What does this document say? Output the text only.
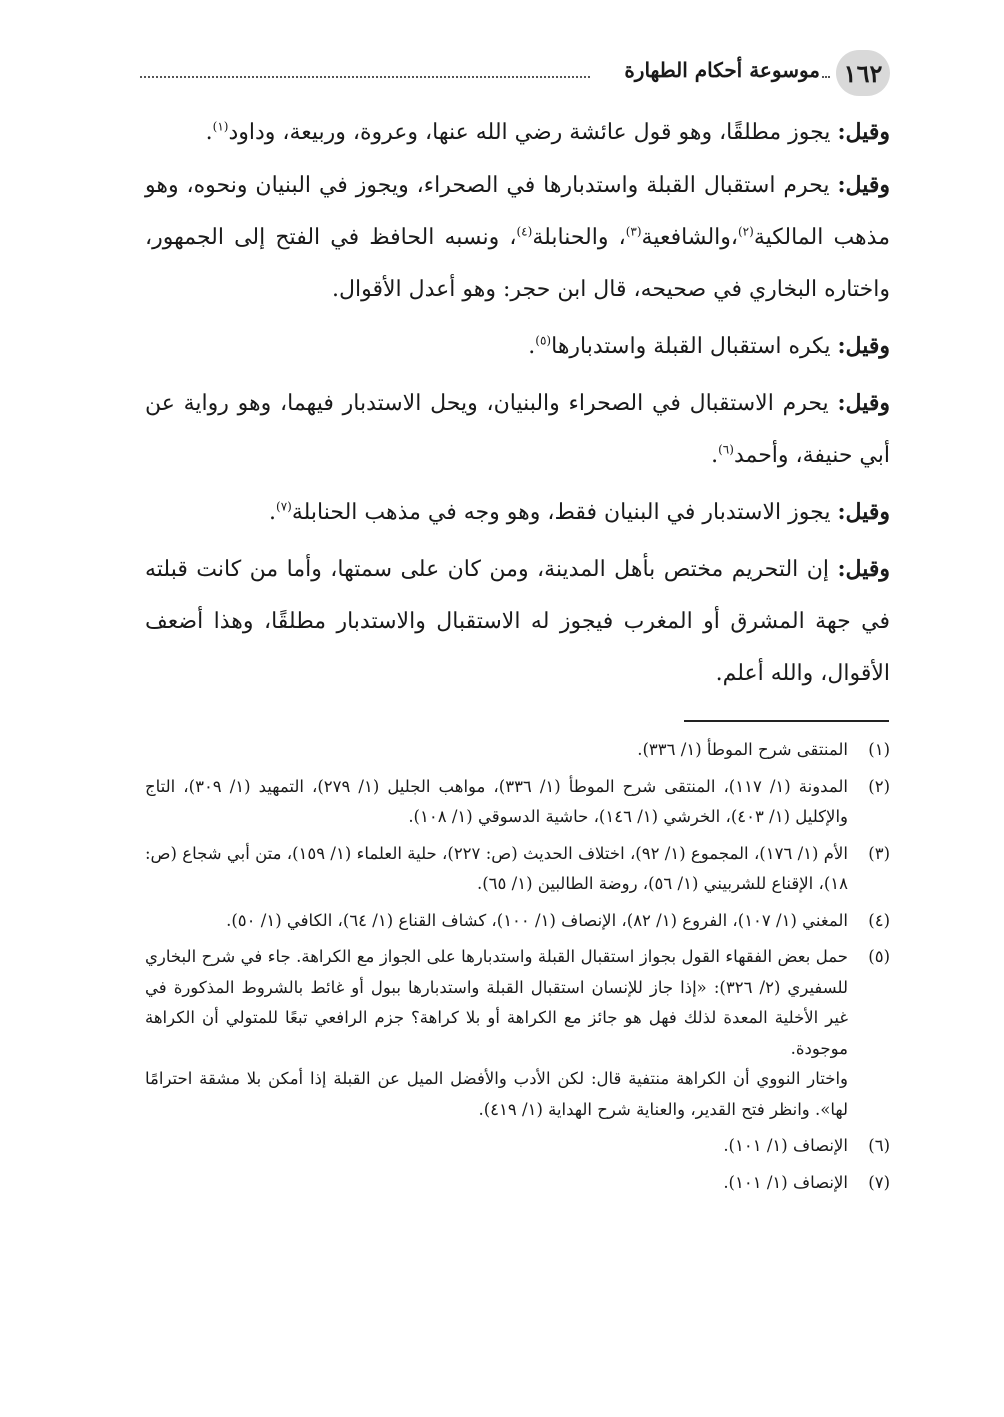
١٦٢
موسوعة أحكام الطهارة

وقيل: يجوز مطلقًا، وهو قول عائشة رضي الله عنها، وعروة، وربيعة، وداود$^{(١)}$.

وقيل: يحرم استقبال القبلة واستدبارها في الصحراء، ويجوز في البنيان ونحوه، وهو مذهب المالكية$^{(٢)}$،والشافعية$^{(٣)}$، والحنابلة$^{(٤)}$، ونسبه الحافظ في الفتح إلى الجمهور، واختاره البخاري في صحيحه، قال ابن حجر: وهو أعدل الأقوال.

وقيل: يكره استقبال القبلة واستدبارها$^{(٥)}$.

وقيل: يحرم الاستقبال في الصحراء والبنيان، ويحل الاستدبار فيهما، وهو رواية عن أبي حنيفة، وأحمد$^{(٦)}$.

وقيل: يجوز الاستدبار في البنيان فقط، وهو وجه في مذهب الحنابلة$^{(٧)}$.

وقيل: إن التحريم مختص بأهل المدينة، ومن كان على سمتها، وأما من كانت قبلته في جهة المشرق أو المغرب فيجوز له الاستقبال والاستدبار مطلقًا، وهذا أضعف الأقوال، والله أعلم.

(١)
المنتقى شرح الموطأ (١/ ٣٣٦).
(٢)
المدونة (١/ ١١٧)، المنتقى شرح الموطأ (١/ ٣٣٦)، مواهب الجليل (١/ ٢٧٩)، التمهيد (١/ ٣٠٩)، التاج والإكليل (١/ ٤٠٣)، الخرشي (١/ ١٤٦)، حاشية الدسوقي (١/ ١٠٨).
(٣)
الأم (١/ ١٧٦)، المجموع (١/ ٩٢)، اختلاف الحديث (ص: ٢٢٧)، حلية العلماء (١/ ١٥٩)، متن أبي شجاع (ص: ١٨)، الإقناع للشربيني (١/ ٥٦)، روضة الطالبين (١/ ٦٥).
(٤)
المغني (١/ ١٠٧)، الفروع (١/ ٨٢)، الإنصاف (١/ ١٠٠)، كشاف القناع (١/ ٦٤)، الكافي (١/ ٥٠).
(٥)

حمل بعض الفقهاء القول بجواز استقبال القبلة واستدبارها على الجواز مع الكراهة. جاء في شرح البخاري للسفيري (٢/ ٣٢٦): «إذا جاز للإنسان استقبال القبلة واستدبارها ببول أو غائط بالشروط المذكورة في غير الأخلية المعدة لذلك فهل هو جائز مع الكراهة أو بلا كراهة؟ جزم الرافعي تبعًا للمتولي أن الكراهة موجودة.

واختار النووي أن الكراهة منتفية قال: لكن الأدب والأفضل الميل عن القبلة إذا أمكن بلا مشقة احترامًا لها». وانظر فتح القدير، والعناية شرح الهداية (١/ ٤١٩).

(٦)
الإنصاف (١/ ١٠١).
(٧)
الإنصاف (١/ ١٠١).
